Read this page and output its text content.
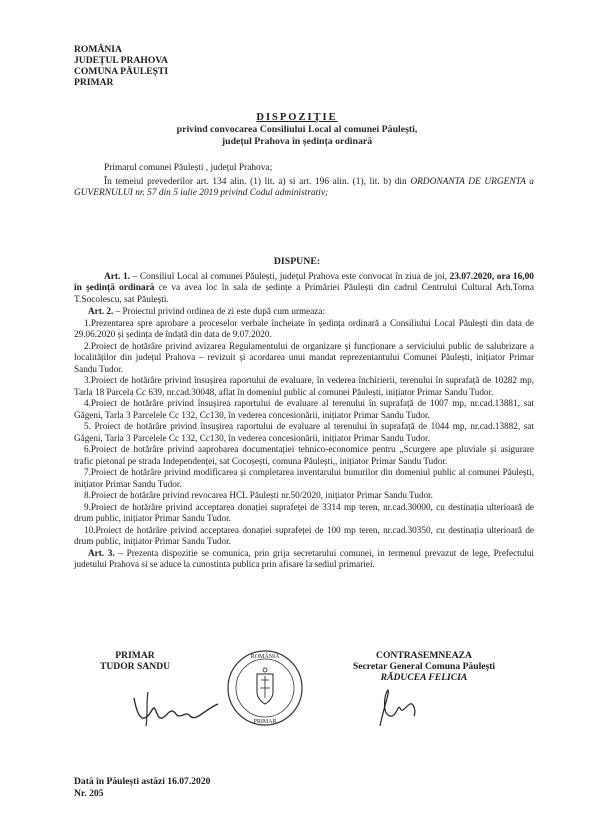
ROMÂNIA
JUDEȚUL PRAHOVA
COMUNA PĂULEȘTI
PRIMAR
DISPOZIȚIE
privind convocarea Consiliului Local al comunei Păulești,
județul Prahova în ședința ordinară
Primarul comunei Păulești , județul Prahova;
În temeiul prevederilor art. 134 alin. (1) lit. a) si art. 196 alin. (1), lit. b) din ORDONANTA DE URGENTA a GUVERNULUI nr. 57 din 5 iulie 2019 privind Codul administrativ;
DISPUNE:
Art. 1. – Consiliul Local al comunei Păulești, județul Prahova este convocat în ziua de joi, 23.07.2020, ora 16,00 în ședință ordinară ce va avea loc în sala de ședințe a Primăriei Păulești din cadrul Centrului Cultural Arh.Toma T.Socolescu, sat Păulești.

Art. 2. – Proiectul privind ordinea de zi este după cum urmeaza:

1.Prezentarea spre aprobare a proceselor verbale încheiate în ședința ordinară a Consiliului Local Păulești din data de 29.06.2020 și ședința de îndată din data de 9.07.2020.

2.Proiect de hotărâre privind avizarea Regulamentului de organizare și funcționare a serviciului public de salubrizare a localităților din județul Prahova – revizuit și acordarea unui mandat reprezentantului Comunei Păulești, inițiator Primar Sandu Tudor.

3.Proiect de hotărâre privind însușirea raportului de evaluare, în vederea închirierii, terenului în suprafață de 10282 mp, Tarla 18 Parcela Cc 639, nr.cad.30048, aflat în domeniul public al comunei Păulești, inițiator Primar Sandu Tudor.

4.Proiect de hotărâre privind însușirea raportului de evaluare al terenului în suprafață de 1007 mp, nr.cad.13881, sat Găgeni, Tarla 3 Parcelele Cc 132, Cc130, în vederea concesionării, inițiator Primar Sandu Tudor.

5. Proiect de hotărâre privind însușirea raportului de evaluare al terenului în suprafață de 1044 mp, nr.cad.13882, sat Găgeni, Tarla 3 Parcelele Cc 132, Cc130, în vederea concesionării, inițiator Primar Sandu Tudor.

6.Proiect de hotărâre privind aaprobarea documentației tehnico-economice pentru „Scurgere ape pluviale și asigurare trafic pietonal pe strada Independenței, sat Cocoșești, comuna Păulești,, inițiator Primar Sandu Tudor.

7.Proiect de hotărâre privind modificarea și completarea inventarului bunurilor din domeniul public al comunei Păulești, inițiator Primar Sandu Tudor.

8.Proiect de hotărâre privind revocarea HCL Păulești nr.50/2020, inițiator Primar Sandu Tudor.

9.Proiect de hotărâre privind acceptarea donației suprafeței de 3314 mp teren, nr.cad.30000, cu destinația ulterioară de drum public, inițiator Primar Sandu Tudor.

10.Proiect de hotărâre privind acceptarea donației suprafeței de 100 mp teren, nr.cad.30350, cu destinația ulterioară de drum public, inițiator Primar Sandu Tudor.

Art. 3. – Prezenta dispozitie se comunica, prin grija secretarului comunei, in termenul prevazut de lege, Prefectului judetului Prahova si se aduce la cunostinta publica prin afisare la sediul primariei.

PRIMAR
TUDOR SANDU
ROMÂNIA
PRIMAR
CONTRASEMNEAZA
Secretar General Comuna Păulești
RĂDUCEA FELICIA
Dată în Păulești astăzi 16.07.2020
Nr. 205
